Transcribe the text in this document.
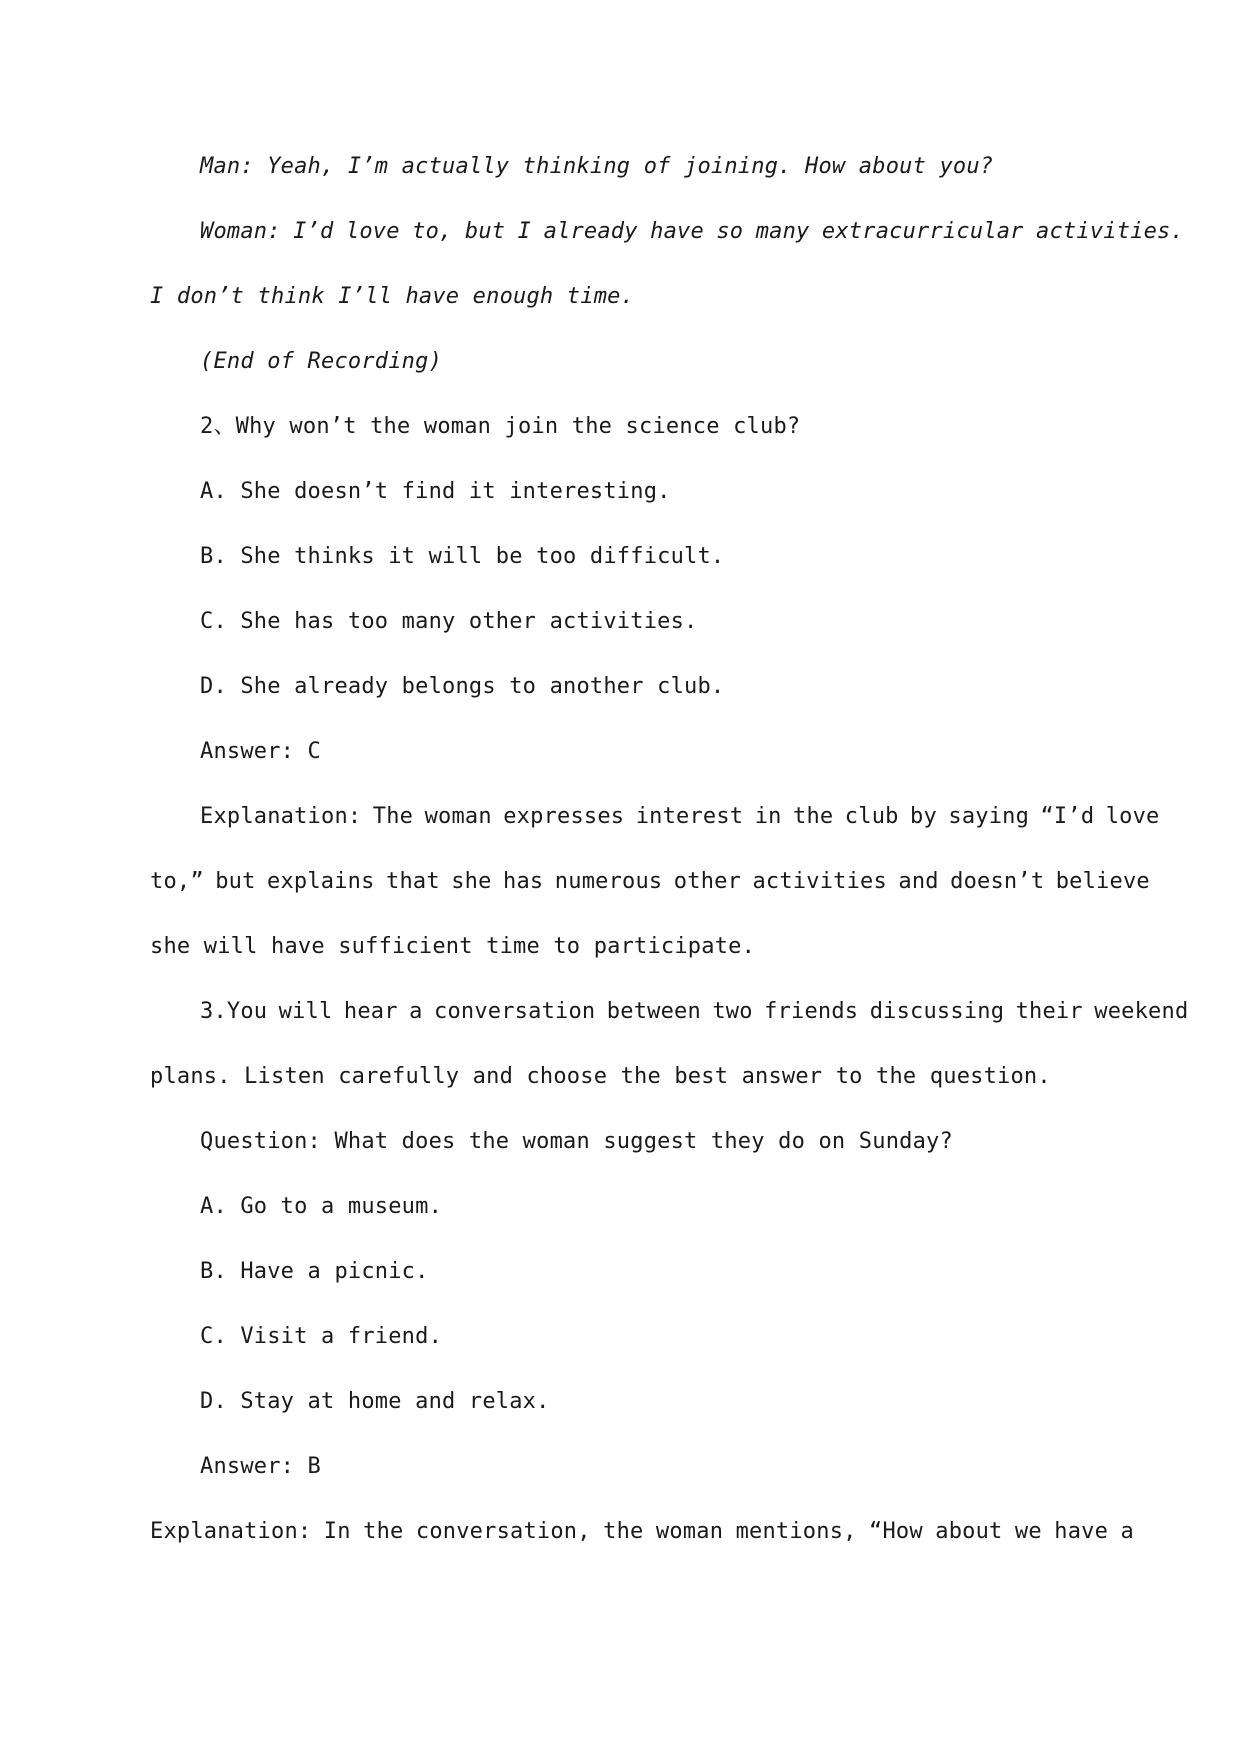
Man: Yeah, I’m actually thinking of joining. How about you?
Woman: I’d love to, but I already have so many extracurricular activities.
I don’t think I’ll have enough time.
(End of Recording)
2、Why won’t the woman join the science club?
A. She doesn’t find it interesting.
B. She thinks it will be too difficult.
C. She has too many other activities.
D. She already belongs to another club.
Answer: C
Explanation: The woman expresses interest in the club by saying “I’d love
to,” but explains that she has numerous other activities and doesn’t believe
she will have sufficient time to participate.
3.You will hear a conversation between two friends discussing their weekend
plans. Listen carefully and choose the best answer to the question.
Question: What does the woman suggest they do on Sunday?
A. Go to a museum.
B. Have a picnic.
C. Visit a friend.
D. Stay at home and relax.
Answer: B
Explanation: In the conversation, the woman mentions, “How about we have a
